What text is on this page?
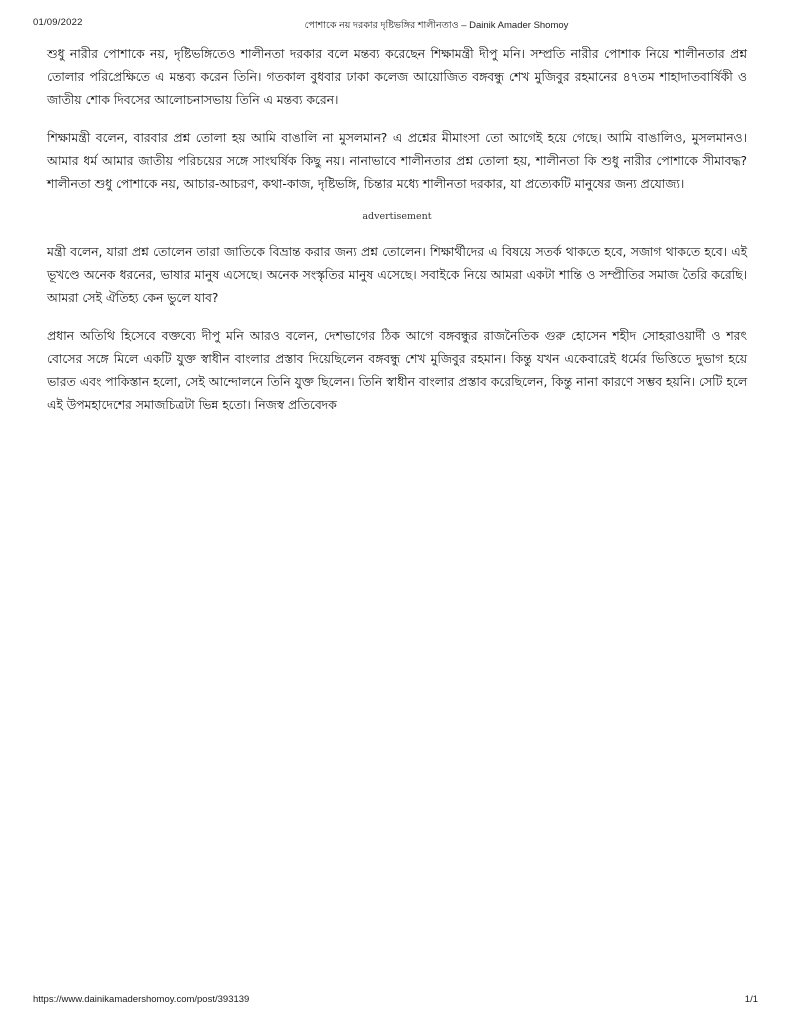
01/09/2022	পোশাকে নয় দরকার দৃষ্টিভঙ্গির শালীনতাও – Dainik Amader Shomoy

শুধু নারীর পোশাকে নয়, দৃষ্টিভঙ্গিতেও শালীনতা দরকার বলে মন্তব্য করেছেন শিক্ষামন্ত্রী দীপু মনি। সম্প্রতি নারীর পোশাক নিয়ে শালীনতার প্রশ্ন তোলার পরিপ্রেক্ষিতে এ মন্তব্য করেন তিনি। গতকাল বুধবার ঢাকা কলেজ আয়োজিত বঙ্গবন্ধু শেখ মুজিবুর রহমানের ৪৭তম শাহাদাতবার্ষিকী ও জাতীয় শোক দিবসের আলোচনাসভায় তিনি এ মন্তব্য করেন।

শিক্ষামন্ত্রী বলেন, বারবার প্রশ্ন তোলা হয় আমি বাঙালি না মুসলমান? এ প্রশ্নের মীমাংসা তো আগেই হয়ে গেছে। আমি বাঙালিও, মুসলমানও। আমার ধর্ম আমার জাতীয় পরিচয়ের সঙ্গে সাংঘর্ষিক কিছু নয়। নানাভাবে শালীনতার প্রশ্ন তোলা হয়, শালীনতা কি শুধু নারীর পোশাকে সীমাবদ্ধ? শালীনতা শুধু পোশাকে নয়, আচার-আচরণ, কথা-কাজ, দৃষ্টিভঙ্গি, চিন্তার মধ্যে শালীনতা দরকার, যা প্রত্যেকটি মানুষের জন্য প্রযোজ্য।

advertisement

মন্ত্রী বলেন, যারা প্রশ্ন তোলেন তারা জাতিকে বিভ্রান্ত করার জন্য প্রশ্ন তোলেন। শিক্ষার্থীদের এ বিষয়ে সতর্ক থাকতে হবে, সজাগ থাকতে হবে। এই ভূখণ্ডে অনেক ধরনের, ভাষার মানুষ এসেছে। অনেক সংস্কৃতির মানুষ এসেছে। সবাইকে নিয়ে আমরা একটা শান্তি ও সম্প্রীতির সমাজ তৈরি করেছি। আমরা সেই ঐতিহ্য কেন ভুলে যাব?

প্রধান অতিথি হিসেবে বক্তব্যে দীপু মনি আরও বলেন, দেশভাগের ঠিক আগে বঙ্গবন্ধুর রাজনৈতিক গুরু হোসেন শহীদ সোহরাওয়ার্দী ও শরৎ বোসের সঙ্গে মিলে একটি যুক্ত স্বাধীন বাংলার প্রস্তাব দিয়েছিলেন বঙ্গবন্ধু শেখ মুজিবুর রহমান। কিন্তু যখন একেবারেই ধর্মের ভিত্তিতে দুভাগ হয়ে ভারত এবং পাকিস্তান হলো, সেই আন্দোলনে তিনি যুক্ত ছিলেন। তিনি স্বাধীন বাংলার প্রস্তাব করেছিলেন, কিন্তু নানা কারণে সম্ভব হয়নি। সেটি হলে এই উপমহাদেশের সমাজচিত্রটা ভিন্ন হতো। নিজস্ব প্রতিবেদক

https://www.dainikamadershomoy.com/post/393139	1/1
